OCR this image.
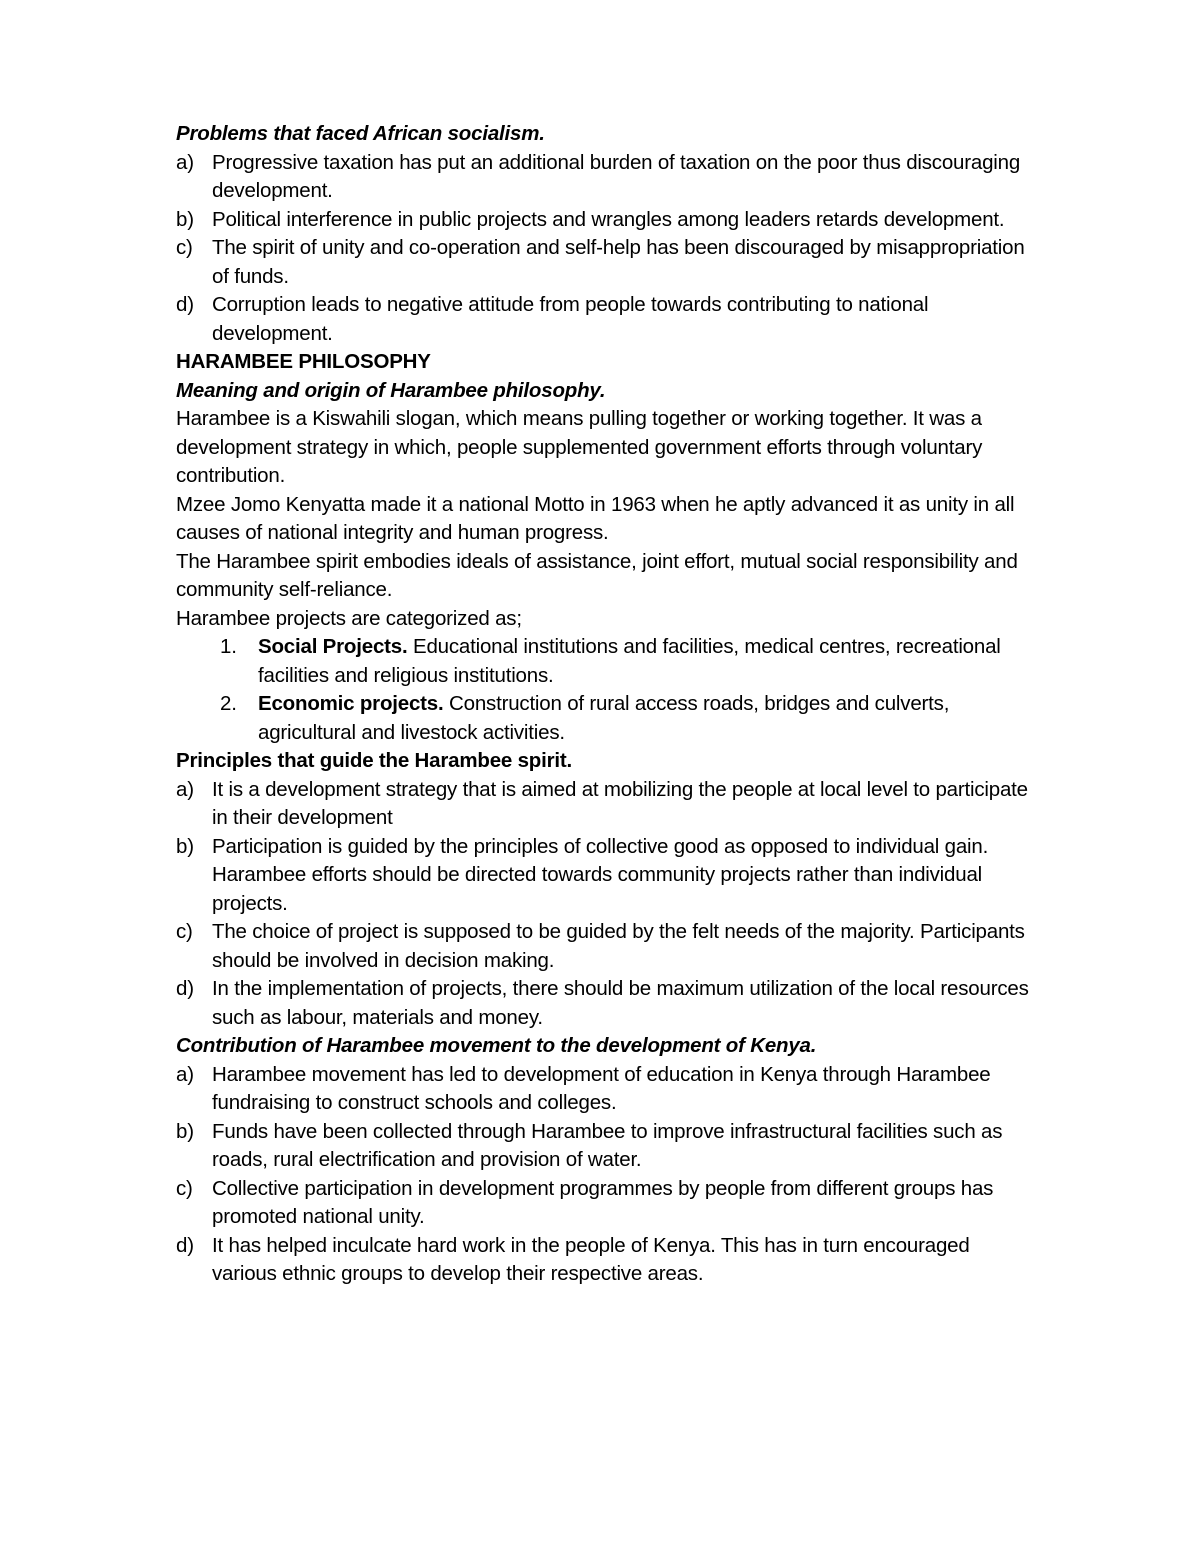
Problems that faced African socialism.
a) Progressive taxation has put an additional burden of taxation on the poor thus discouraging development.
b) Political interference in public projects and wrangles among leaders retards development.
c) The spirit of unity and co-operation and self-help has been discouraged by misappropriation of funds.
d) Corruption leads to negative attitude from people towards contributing to national development.
HARAMBEE PHILOSOPHY
Meaning and origin of Harambee philosophy.

Harambee is a Kiswahili slogan, which means pulling together or working together. It was a development strategy in which, people supplemented government efforts through voluntary contribution.

Mzee Jomo Kenyatta made it a national Motto in 1963 when he aptly advanced it as unity in all causes of national integrity and human progress.

The Harambee spirit embodies ideals of assistance, joint effort, mutual social responsibility and community self-reliance.

Harambee projects are categorized as;

1. Social Projects. Educational institutions and facilities, medical centres, recreational facilities and religious institutions.
2. Economic projects. Construction of rural access roads, bridges and culverts, agricultural and livestock activities.
Principles that guide the Harambee spirit.
a) It is a development strategy that is aimed at mobilizing the people at local level to participate in their development
b) Participation is guided by the principles of collective good as opposed to individual gain. Harambee efforts should be directed towards community projects rather than individual projects.
c) The choice of project is supposed to be guided by the felt needs of the majority. Participants should be involved in decision making.
d) In the implementation of projects, there should be maximum utilization of the local resources such as labour, materials and money.
Contribution of Harambee movement to the development of Kenya.
a) Harambee movement has led to development of education in Kenya through Harambee fundraising to construct schools and colleges.
b) Funds have been collected through Harambee to improve infrastructural facilities such as roads, rural electrification and provision of water.
c) Collective participation in development programmes by people from different groups has promoted national unity.
d) It has helped inculcate hard work in the people of Kenya. This has in turn encouraged various ethnic groups to develop their respective areas.
